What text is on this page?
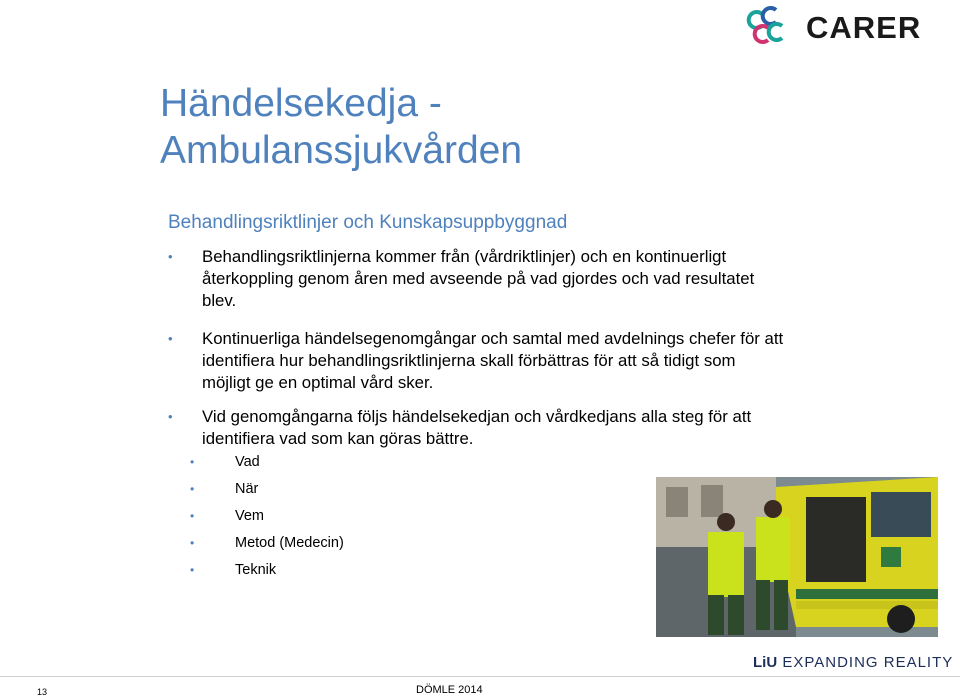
CARER
Händelsekedja -
Ambulanssjukvården
Behandlingsriktlinjer och Kunskapsuppbyggnad
• Behandlingsriktlinjerna kommer från (vårdriktlinjer) och en kontinuerligt återkoppling genom åren med avseende på vad gjordes och vad resultatet blev.

• Kontinuerliga händelsegenomgångar och samtal med avdelnings chefer för att identifiera hur behandlingsriktlinjerna skall förbättras för att så tidigt som möjligt ge en optimal vård sker.

• Vid genomgångarna följs händelsekedjan och vårdkedjans alla steg för att identifiera vad som kan göras bättre.

•	Vad
•	När
•	Vem
•	Metod (Medecin)
•	Teknik
LiU EXPANDING REALITY
13	DÖMLE 2014
